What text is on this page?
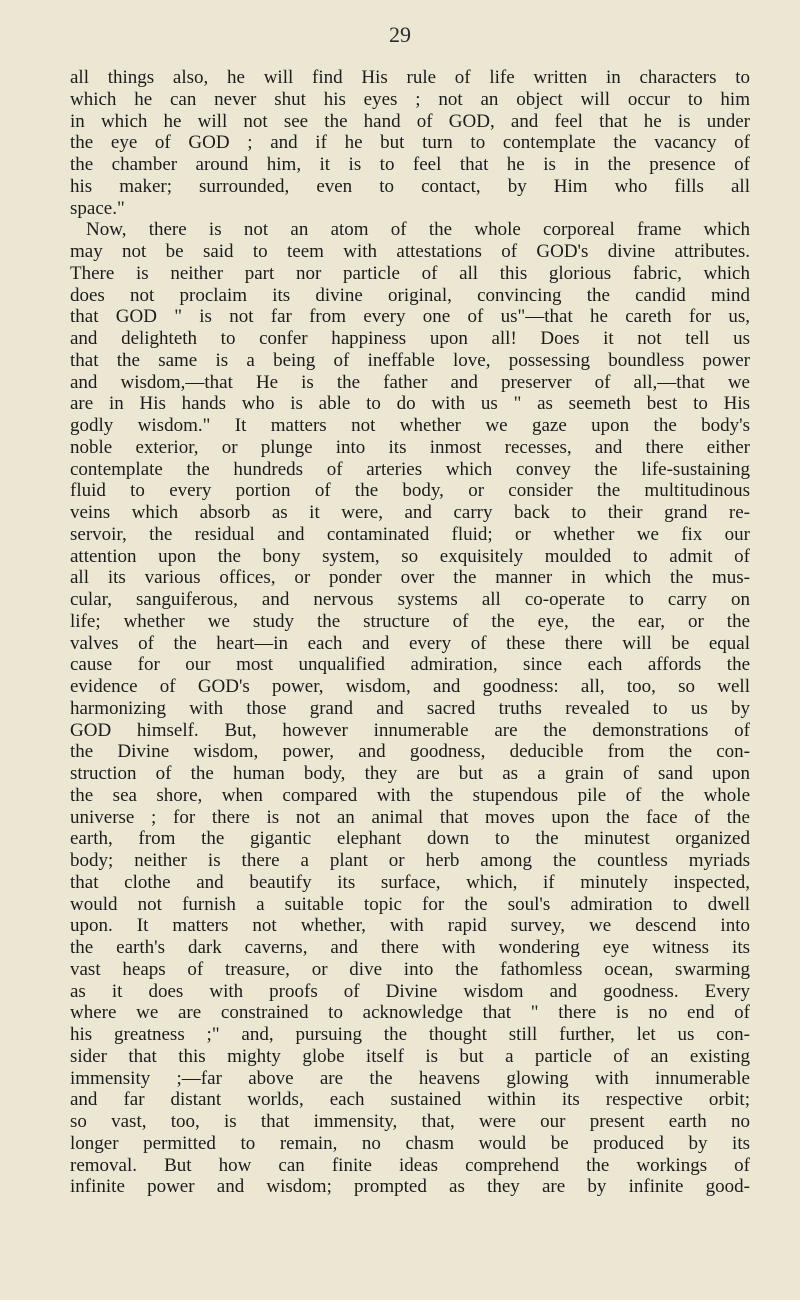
29
all things also, he will find His rule of life written in characters to
which he can never shut his eyes ; not an object will occur to him
in which he will not see the hand of GOD, and feel that he is under
the eye of GOD ; and if he but turn to contemplate the vacancy of
the chamber around him, it is to feel that he is in the presence of
his maker; surrounded, even to contact, by Him who fills all
space."
Now, there is not an atom of the whole corporeal frame which
may not be said to teem with attestations of GOD's divine attributes.
There is neither part nor particle of all this glorious fabric, which
does not proclaim its divine original, convincing the candid mind
that GOD " is not far from every one of us"—that he careth for us,
and delighteth to confer happiness upon all! Does it not tell us
that the same is a being of ineffable love, possessing boundless power
and wisdom,—that He is the father and preserver of all,—that we
are in His hands who is able to do with us " as seemeth best to His
godly wisdom." It matters not whether we gaze upon the body's
noble exterior, or plunge into its inmost recesses, and there either
contemplate the hundreds of arteries which convey the life-sustaining
fluid to every portion of the body, or consider the multitudinous
veins which absorb as it were, and carry back to their grand re-
servoir, the residual and contaminated fluid; or whether we fix our
attention upon the bony system, so exquisitely moulded to admit of
all its various offices, or ponder over the manner in which the mus-
cular, sanguiferous, and nervous systems all co-operate to carry on
life; whether we study the structure of the eye, the ear, or the
valves of the heart—in each and every of these there will be equal
cause for our most unqualified admiration, since each affords the
evidence of GOD's power, wisdom, and goodness: all, too, so well
harmonizing with those grand and sacred truths revealed to us by
GOD himself. But, however innumerable are the demonstrations of
the Divine wisdom, power, and goodness, deducible from the con-
struction of the human body, they are but as a grain of sand upon
the sea shore, when compared with the stupendous pile of the whole
universe ; for there is not an animal that moves upon the face of the
earth, from the gigantic elephant down to the minutest organized
body; neither is there a plant or herb among the countless myriads
that clothe and beautify its surface, which, if minutely inspected,
would not furnish a suitable topic for the soul's admiration to dwell
upon. It matters not whether, with rapid survey, we descend into
the earth's dark caverns, and there with wondering eye witness its
vast heaps of treasure, or dive into the fathomless ocean, swarming
as it does with proofs of Divine wisdom and goodness. Every
where we are constrained to acknowledge that " there is no end of
his greatness ;" and, pursuing the thought still further, let us con-
sider that this mighty globe itself is but a particle of an existing
immensity ;—far above are the heavens glowing with innumerable
and far distant worlds, each sustained within its respective orbit;
so vast, too, is that immensity, that, were our present earth no
longer permitted to remain, no chasm would be produced by its
removal. But how can finite ideas comprehend the workings of
infinite power and wisdom; prompted as they are by infinite good-
